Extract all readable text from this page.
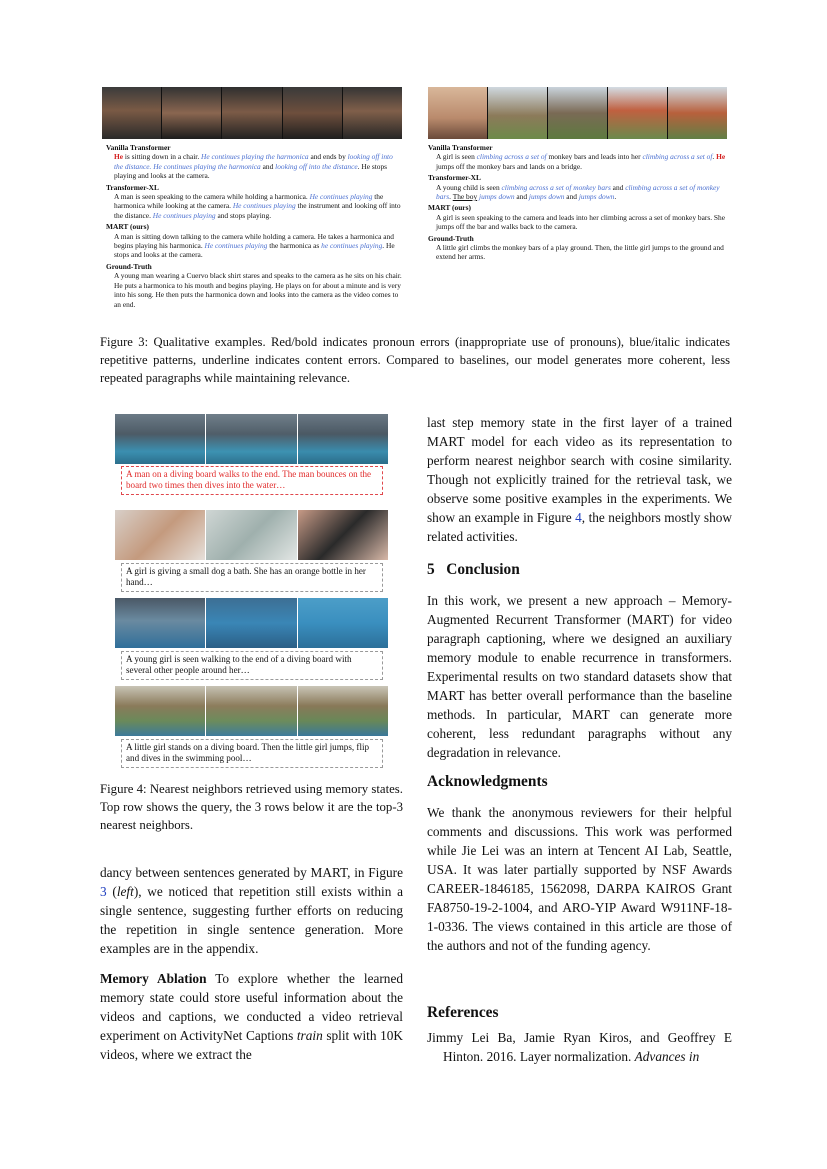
Vanilla Transformer
He is sitting down in a chair. He continues playing the harmonica and ends by looking off into the distance. He continues playing the harmonica and looking off into the distance. He stops playing and looks at the camera.
Transformer-XL
A man is seen speaking to the camera while holding a harmonica. He continues playing the harmonica while looking at the camera. He continues playing the instrument and looking off into the distance. He continues playing and stops playing.
MART (ours)
A man is sitting down talking to the camera while holding a camera. He takes a harmonica and begins playing his harmonica. He continues playing the harmonica as he continues playing. He stops and looks at the camera.
Ground-Truth
A young man wearing a Cuervo black shirt stares and speaks to the camera as he sits on his chair. He puts a harmonica to his mouth and begins playing. He plays on for about a minute and is very into his song. He then puts the harmonica down and looks into the camera as the video comes to an end.
Vanilla Transformer
A girl is seen climbing across a set of monkey bars and leads into her climbing across a set of. He jumps off the monkey bars and lands on a bridge.
Transformer-XL
A young child is seen climbing across a set of monkey bars and climbing across a set of monkey bars. The boy jumps down and jumps down and jumps down.
MART (ours)
A girl is seen speaking to the camera and leads into her climbing across a set of monkey bars. She jumps off the bar and walks back to the camera.
Ground-Truth
A little girl climbs the monkey bars of a play ground. Then, the little girl jumps to the ground and extend her arms.
Figure 3: Qualitative examples. Red/bold indicates pronoun errors (inappropriate use of pronouns), blue/italic indicates repetitive patterns, underline indicates content errors. Compared to baselines, our model generates more coherent, less repeated paragraphs while maintaining relevance.
A man on a diving board walks to the end. The man bounces on the board two times then dives into the water…
A girl is giving a small dog a bath. She has an orange bottle in her hand…
A young girl is seen walking to the end of a diving board with several other people around her…
A little girl stands on a diving board. Then the little girl jumps, flip and dives in the swimming pool…
Figure 4: Nearest neighbors retrieved using memory states. Top row shows the query, the 3 rows below it are the top-3 nearest neighbors.

dancy between sentences generated by MART, in Figure 3 (left), we noticed that repetition still exists within a single sentence, suggesting further efforts on reducing the repetition in single sentence generation. More examples are in the appendix.

Memory Ablation To explore whether the learned memory state could store useful information about the videos and captions, we conducted a video retrieval experiment on ActivityNet Captions train split with 10K videos, where we extract the

last step memory state in the first layer of a trained MART model for each video as its representation to perform nearest neighbor search with cosine similarity. Though not explicitly trained for the retrieval task, we observe some positive examples in the experiments. We show an example in Figure 4, the neighbors mostly show related activities.

5 Conclusion
In this work, we present a new approach – Memory-Augmented Recurrent Transformer (MART) for video paragraph captioning, where we designed an auxiliary memory module to enable recurrence in transformers. Experimental results on two standard datasets show that MART has better overall performance than the baseline methods. In particular, MART can generate more coherent, less redundant paragraphs without any degradation in relevance.
Acknowledgments
We thank the anonymous reviewers for their helpful comments and discussions. This work was performed while Jie Lei was an intern at Tencent AI Lab, Seattle, USA. It was later partially supported by NSF Awards CAREER-1846185, 1562098, DARPA KAIROS Grant FA8750-19-2-1004, and ARO-YIP Award W911NF-18-1-0336. The views contained in this article are those of the authors and not of the funding agency.
References
Jimmy Lei Ba, Jamie Ryan Kiros, and Geoffrey E Hinton. 2016. Layer normalization. Advances in
